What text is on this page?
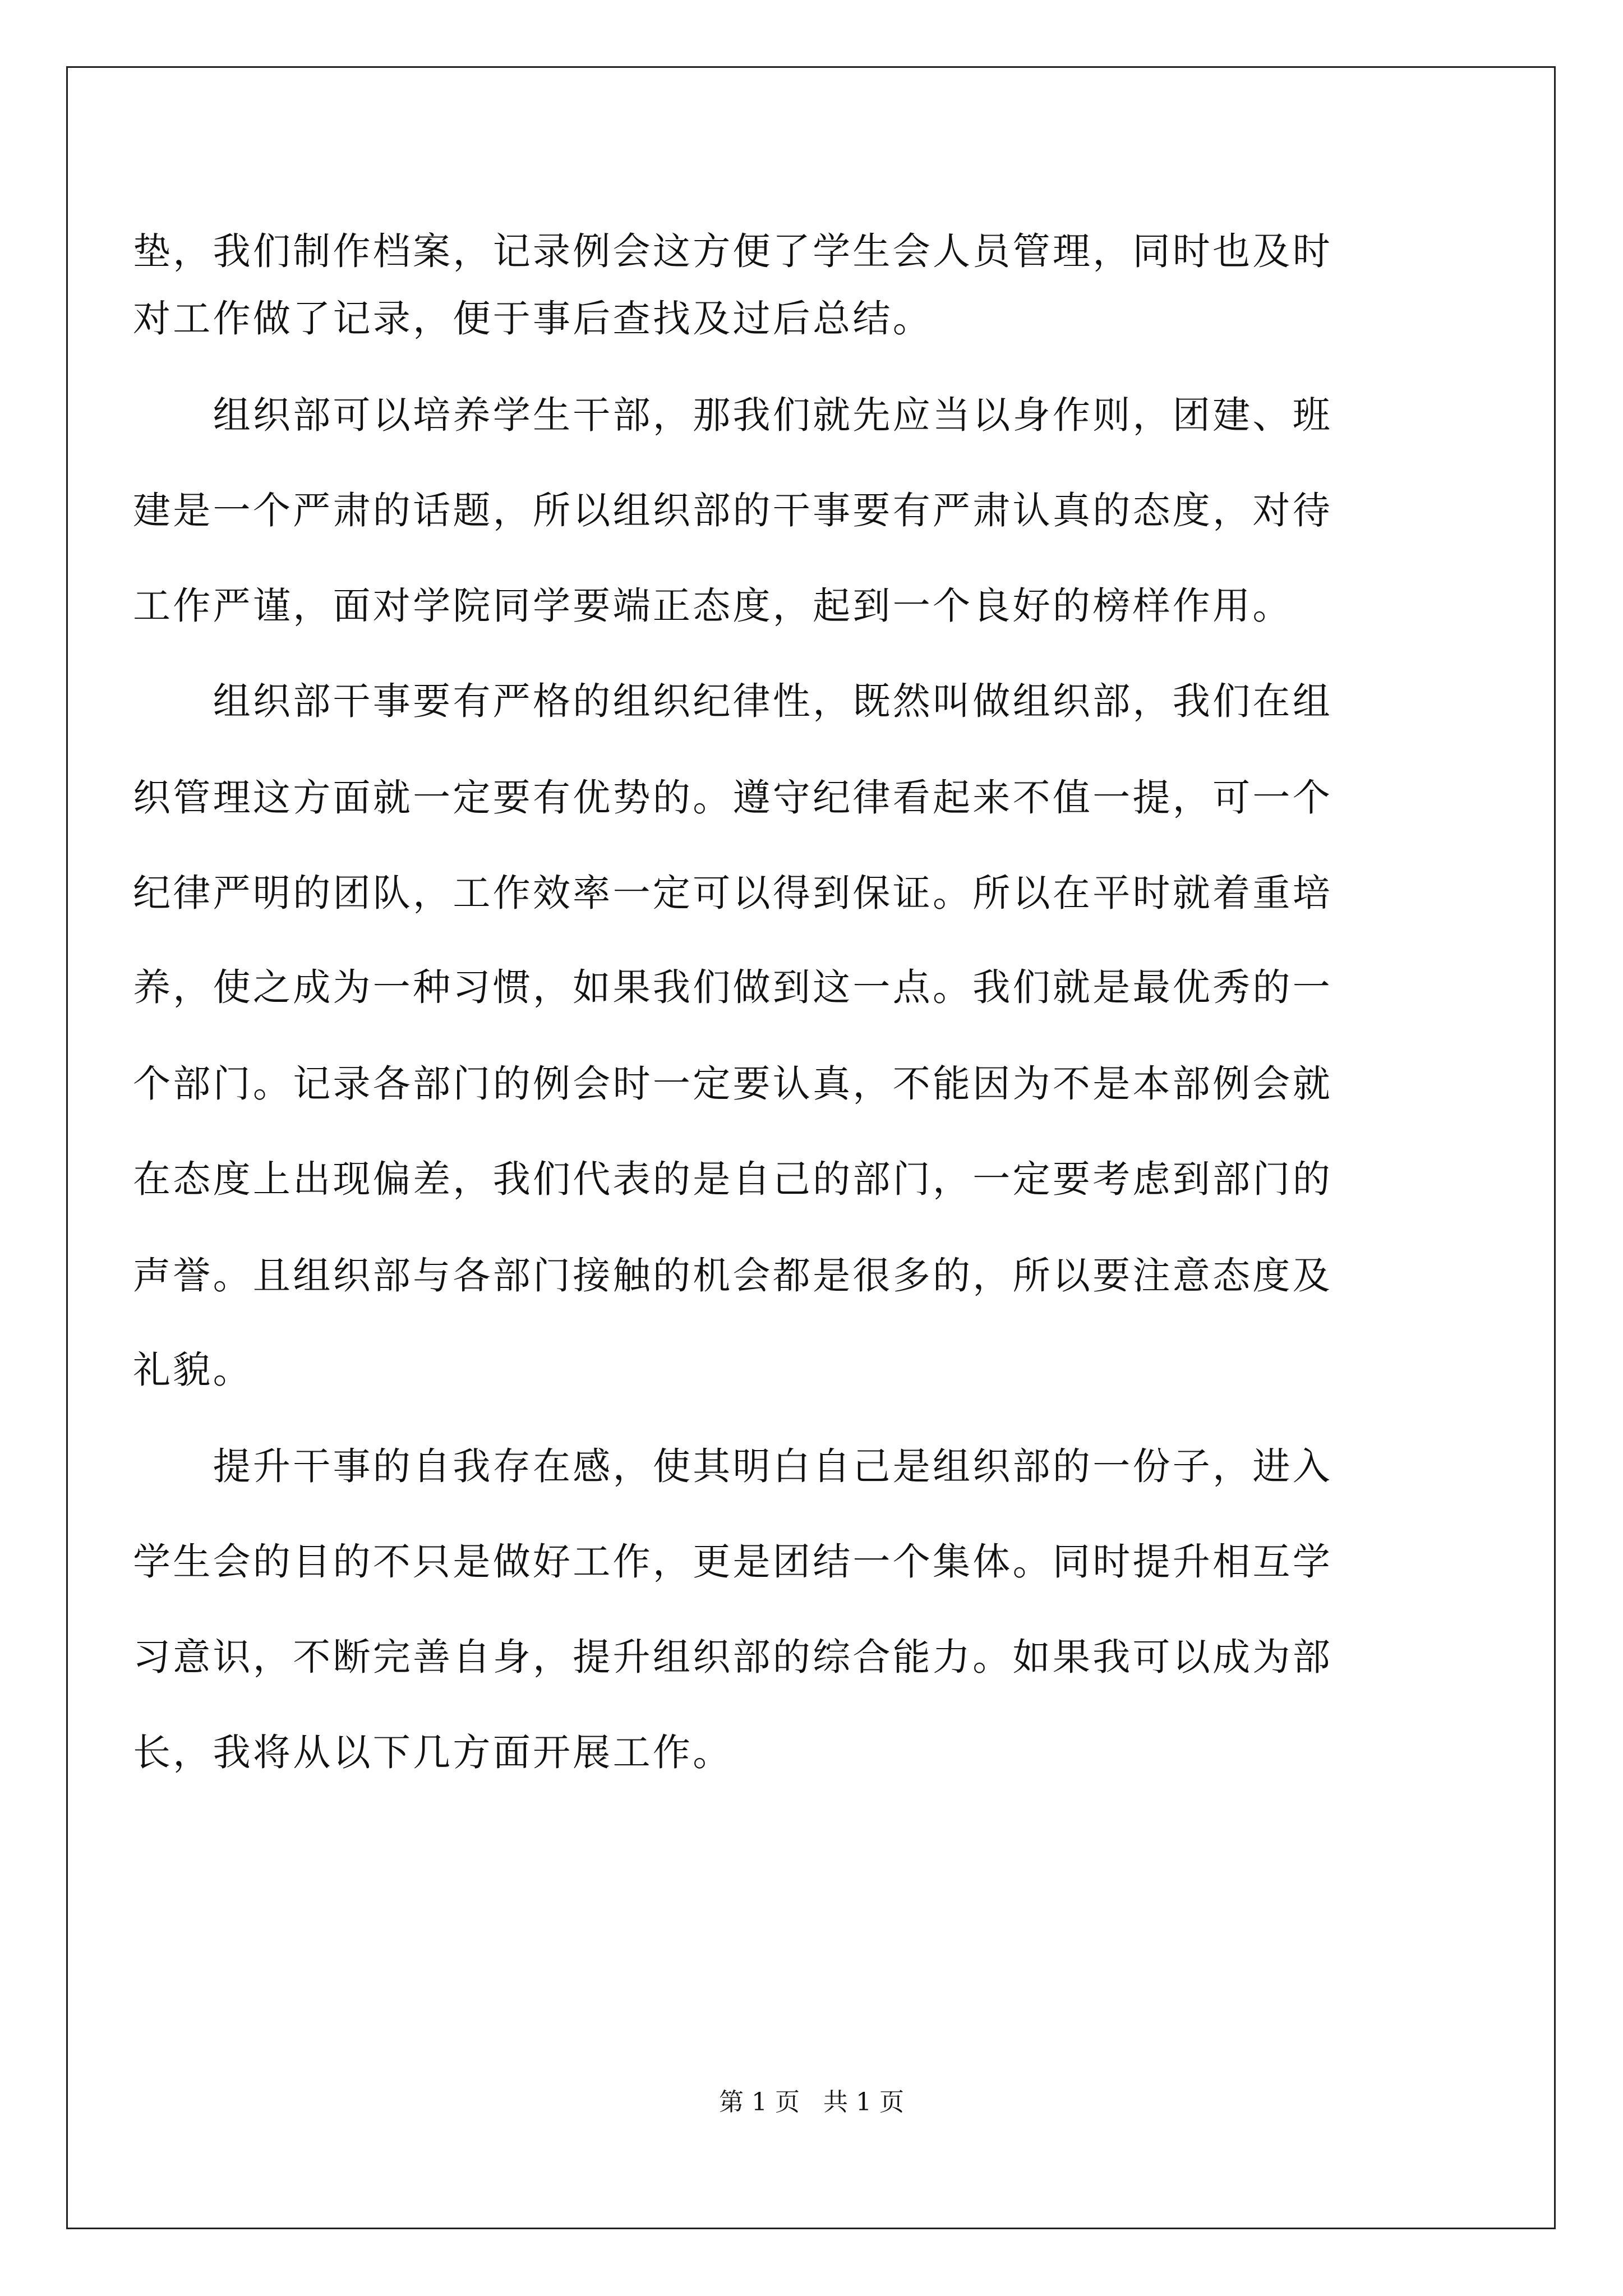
垫，我们制作档案，记录例会这方便了学生会人员管理，同时也及时
对工作做了记录，便于事后查找及过后总结。
　　组织部可以培养学生干部，那我们就先应当以身作则，团建、班
建是一个严肃的话题，所以组织部的干事要有严肃认真的态度，对待
工作严谨，面对学院同学要端正态度，起到一个良好的榜样作用。
　　组织部干事要有严格的组织纪律性，既然叫做组织部，我们在组
织管理这方面就一定要有优势的。遵守纪律看起来不值一提，可一个
纪律严明的团队，工作效率一定可以得到保证。所以在平时就着重培
养，使之成为一种习惯，如果我们做到这一点。我们就是最优秀的一
个部门。记录各部门的例会时一定要认真，不能因为不是本部例会就
在态度上出现偏差，我们代表的是自己的部门，一定要考虑到部门的
声誉。且组织部与各部门接触的机会都是很多的，所以要注意态度及
礼貌。
　　提升干事的自我存在感，使其明白自己是组织部的一份子，进入
学生会的目的不只是做好工作，更是团结一个集体。同时提升相互学
习意识，不断完善自身，提升组织部的综合能力。如果我可以成为部
长，我将从以下几方面开展工作。
第 1 页   共 1 页
